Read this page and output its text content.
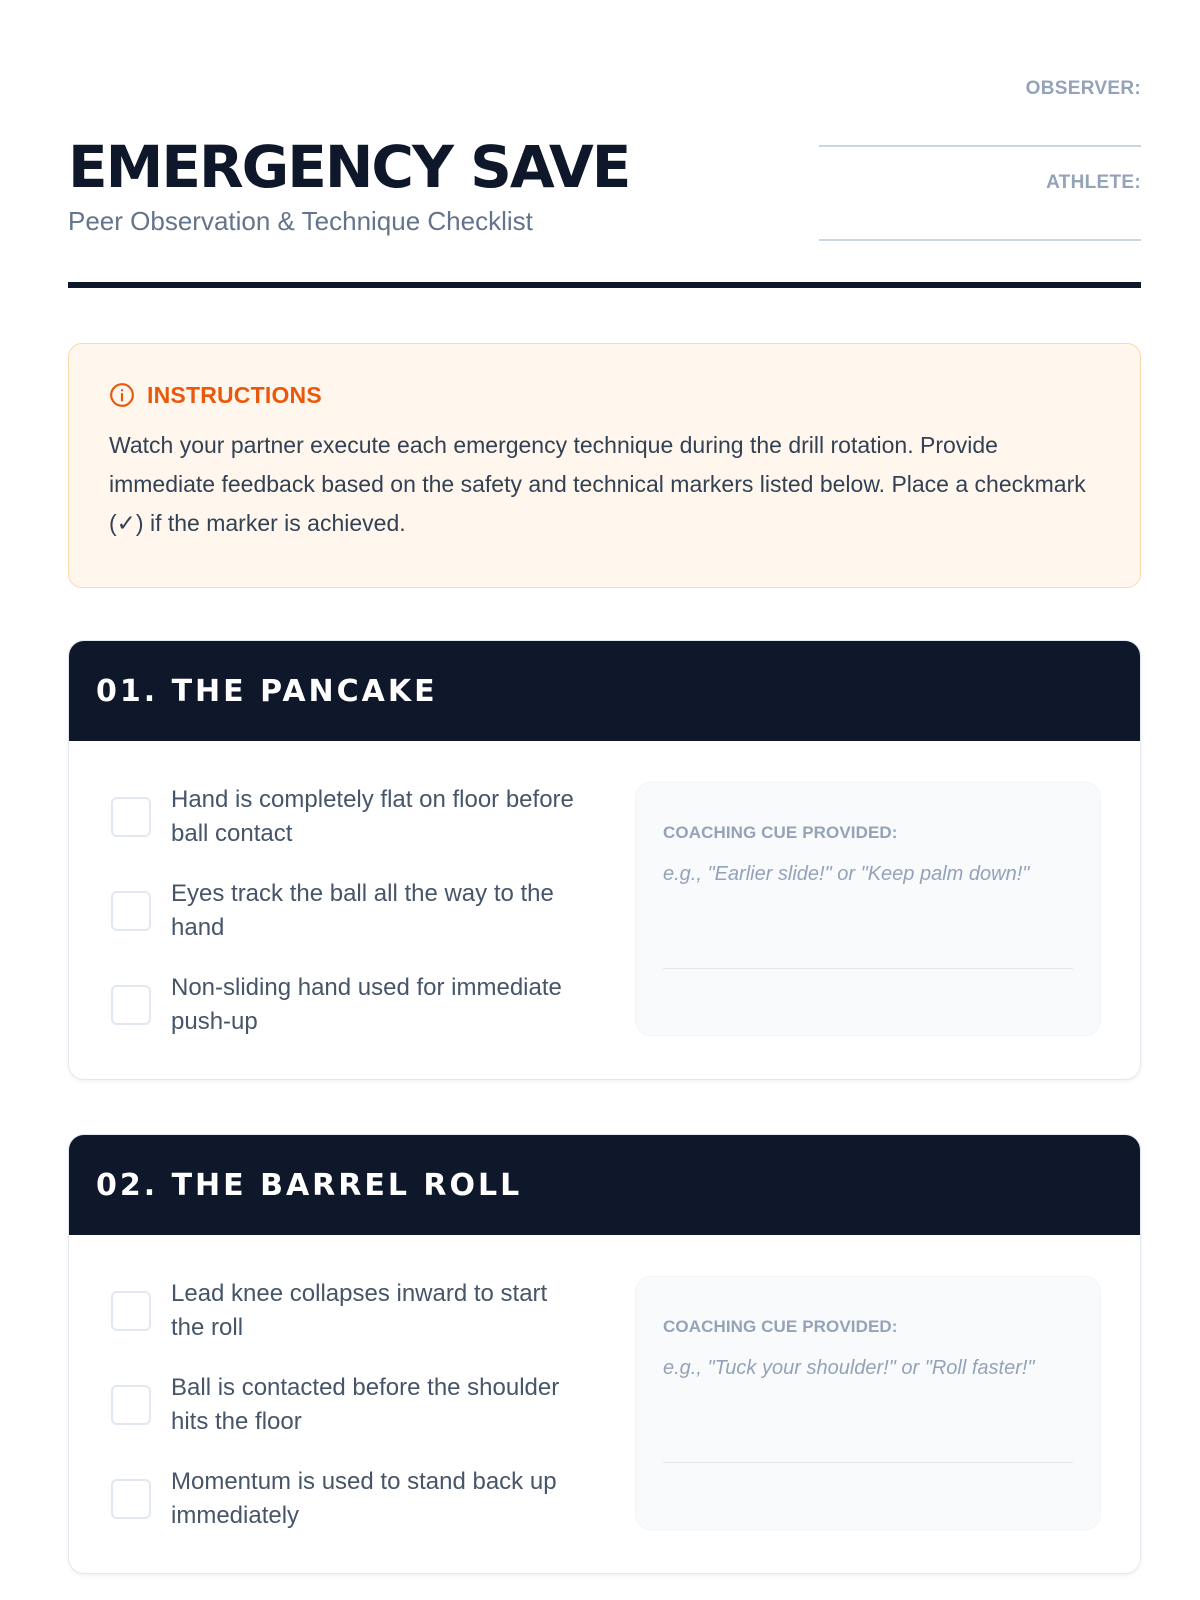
EMERGENCY SAVE
Peer Observation & Technique Checklist
OBSERVER:
ATHLETE:
INSTRUCTIONS

Watch your partner execute each emergency technique during the drill rotation. Provide immediate feedback based on the safety and technical markers listed below. Place a checkmark (✓) if the marker is achieved.

01. THE PANCAKE
Hand is completely flat on floor before ball contact
Eyes track the ball all the way to the hand
Non-sliding hand used for immediate push-up
COACHING CUE PROVIDED:
e.g., "Earlier slide!" or "Keep palm down!"
02. THE BARREL ROLL
Lead knee collapses inward to start the roll
Ball is contacted before the shoulder hits the floor
Momentum is used to stand back up immediately
COACHING CUE PROVIDED:
e.g., "Tuck your shoulder!" or "Roll faster!"
